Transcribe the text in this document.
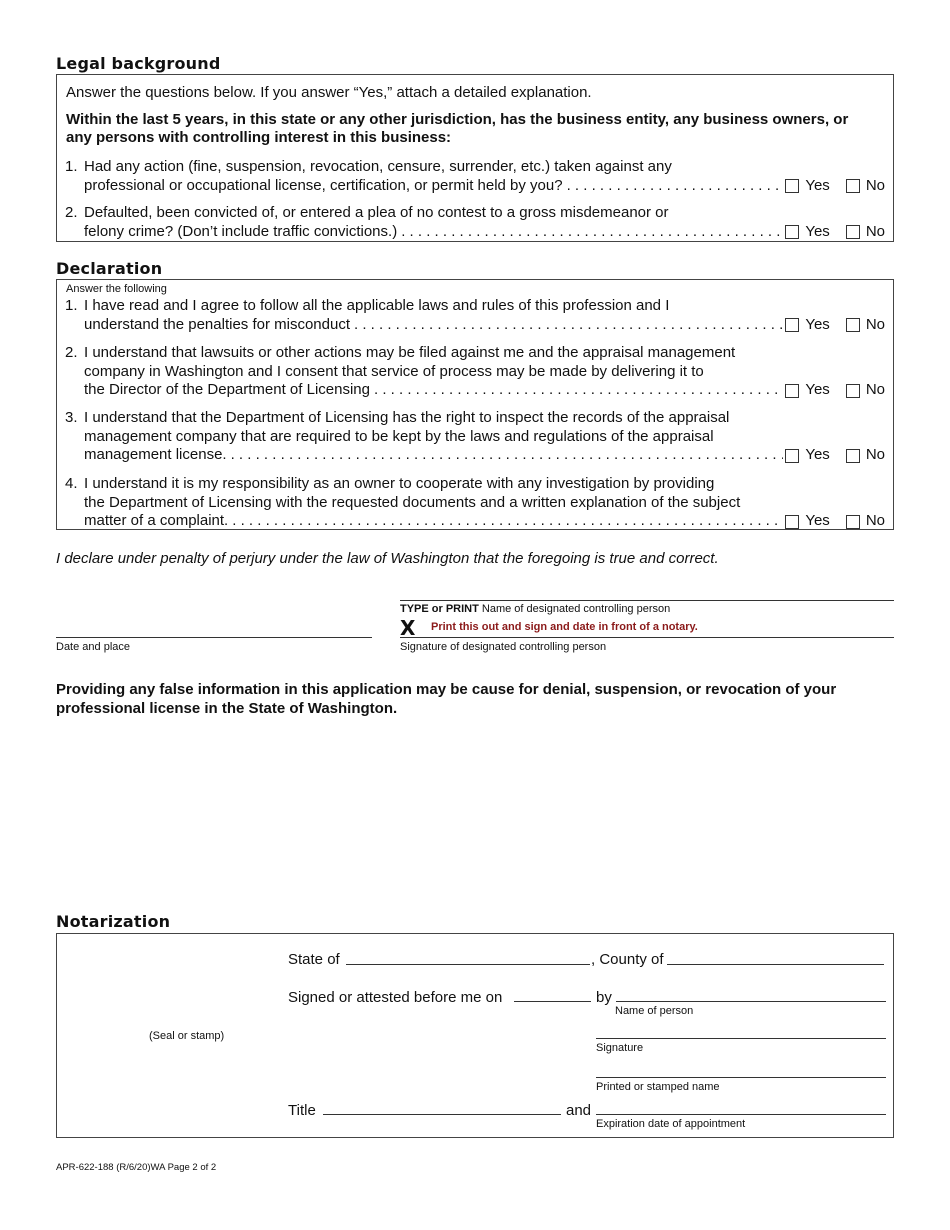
Legal background
Answer the questions below. If you answer “Yes,” attach a detailed explanation.
Within the last 5 years, in this state or any other jurisdiction, has the business entity, any business owners, or any persons with controlling interest in this business:
1. Had any action (fine, suspension, revocation, censure, surrender, etc.) taken against any
professional or occupational license, certification, or permit held by you? . . .	Yes No
2. Defaulted, been convicted of, or entered a plea of no contest to a gross misdemeanor or
felony crime? (Don’t include traffic convictions.) . . .	Yes No
Declaration
Answer the following
1. I have read and I agree to follow all the applicable laws and rules of this profession and I
understand the penalties for misconduct . . .	Yes No
2. I understand that lawsuits or other actions may be filed against me and the appraisal management
company in Washington and I consent that service of process may be made by delivering it to
the Director of the Department of Licensing . . .	Yes No
3. I understand that the Department of Licensing has the right to inspect the records of the appraisal
management company that are required to be kept by the laws and regulations of the appraisal
management license. . . .	Yes No
4. I understand it is my responsibility as an owner to cooperate with any investigation by providing
the Department of Licensing with the requested documents and a written explanation of the subject
matter of a complaint. . . .	Yes No
I declare under penalty of perjury under the law of Washington that the foregoing is true and correct.
TYPE or PRINT Name of designated controlling person
X Print this out and sign and date in front of a notary.
Date and place	Signature of designated controlling person
Providing any false information in this application may be cause for denial, suspension, or revocation of your professional license in the State of Washington.
Notarization
State of	, County of
Signed or attested before me on	by
Name of person
(Seal or stamp)
Signature
Printed or stamped name
Title	and
Expiration date of appointment
APR-622-188 (R/6/20)WA Page 2 of 2
